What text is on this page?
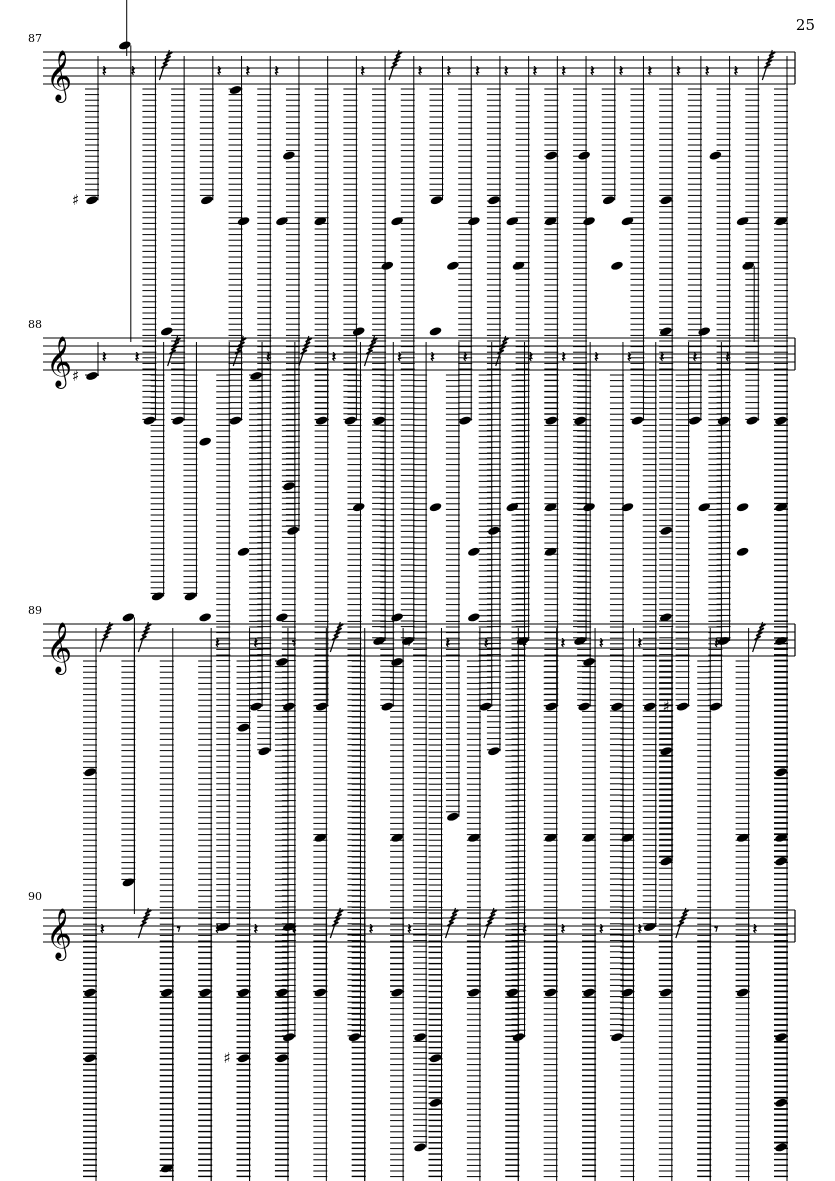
25
87
𝄞
♯
𝄽 𝄽	𝄽 𝄽 𝄽	𝄽	𝄽 𝄽 𝄽 𝄽 𝄽 𝄽 𝄽 𝄽 𝄽 𝄽 𝄽 𝄽
88
𝄞 ♯
𝄽 𝄽	𝄽	𝄽	𝄽 𝄽 𝄽	𝄽 𝄽 𝄽 𝄽 𝄽
♯
𝄽 𝄽
89
𝄞	𝄽 𝄽 𝄾	𝄾 𝄽 𝄽 𝄽 𝄽 𝄽 𝄽	𝄽
90
𝄞 𝄽	𝄾 𝄽
♯
𝄽 𝄽	𝄽 𝄽	𝄽 𝄽 𝄽 𝄽	𝄾 𝄽
